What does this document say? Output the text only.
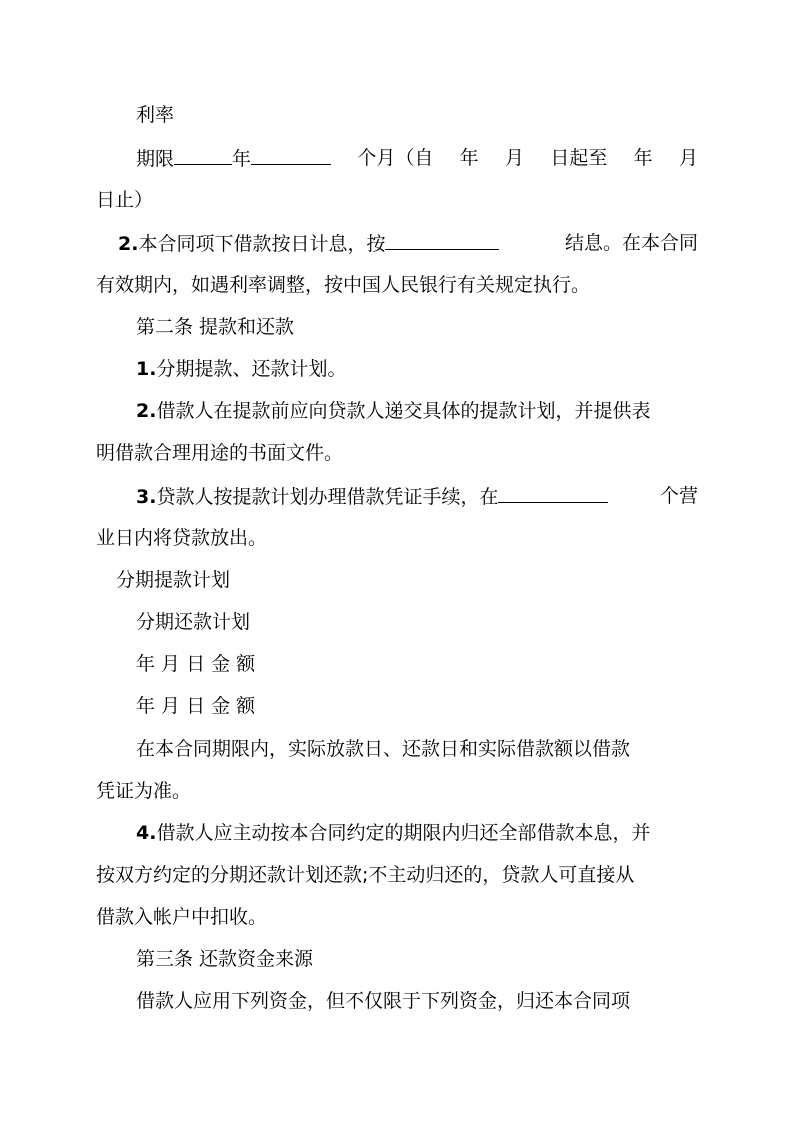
利率
期限	年	个月（自 年 月 日起至 年 月
日止）
2.本合同项下借款按日计息，按	结息。在本合同
有效期内，如遇利率调整，按中国人民银行有关规定执行。
第二条 提款和还款
1.分期提款、还款计划。
2.借款人在提款前应向贷款人递交具体的提款计划，并提供表
明借款合理用途的书面文件。
3.贷款人按提款计划办理借款凭证手续，在	个营
业日内将贷款放出。
分期提款计划
分期还款计划
年 月 日 金 额
年 月 日 金 额
在本合同期限内，实际放款日、还款日和实际借款额以借款
凭证为准。
4.借款人应主动按本合同约定的期限内归还全部借款本息，并
按双方约定的分期还款计划还款;不主动归还的，贷款人可直接从
借款入帐户中扣收。
第三条 还款资金来源
借款人应用下列资金，但不仅限于下列资金，归还本合同项
